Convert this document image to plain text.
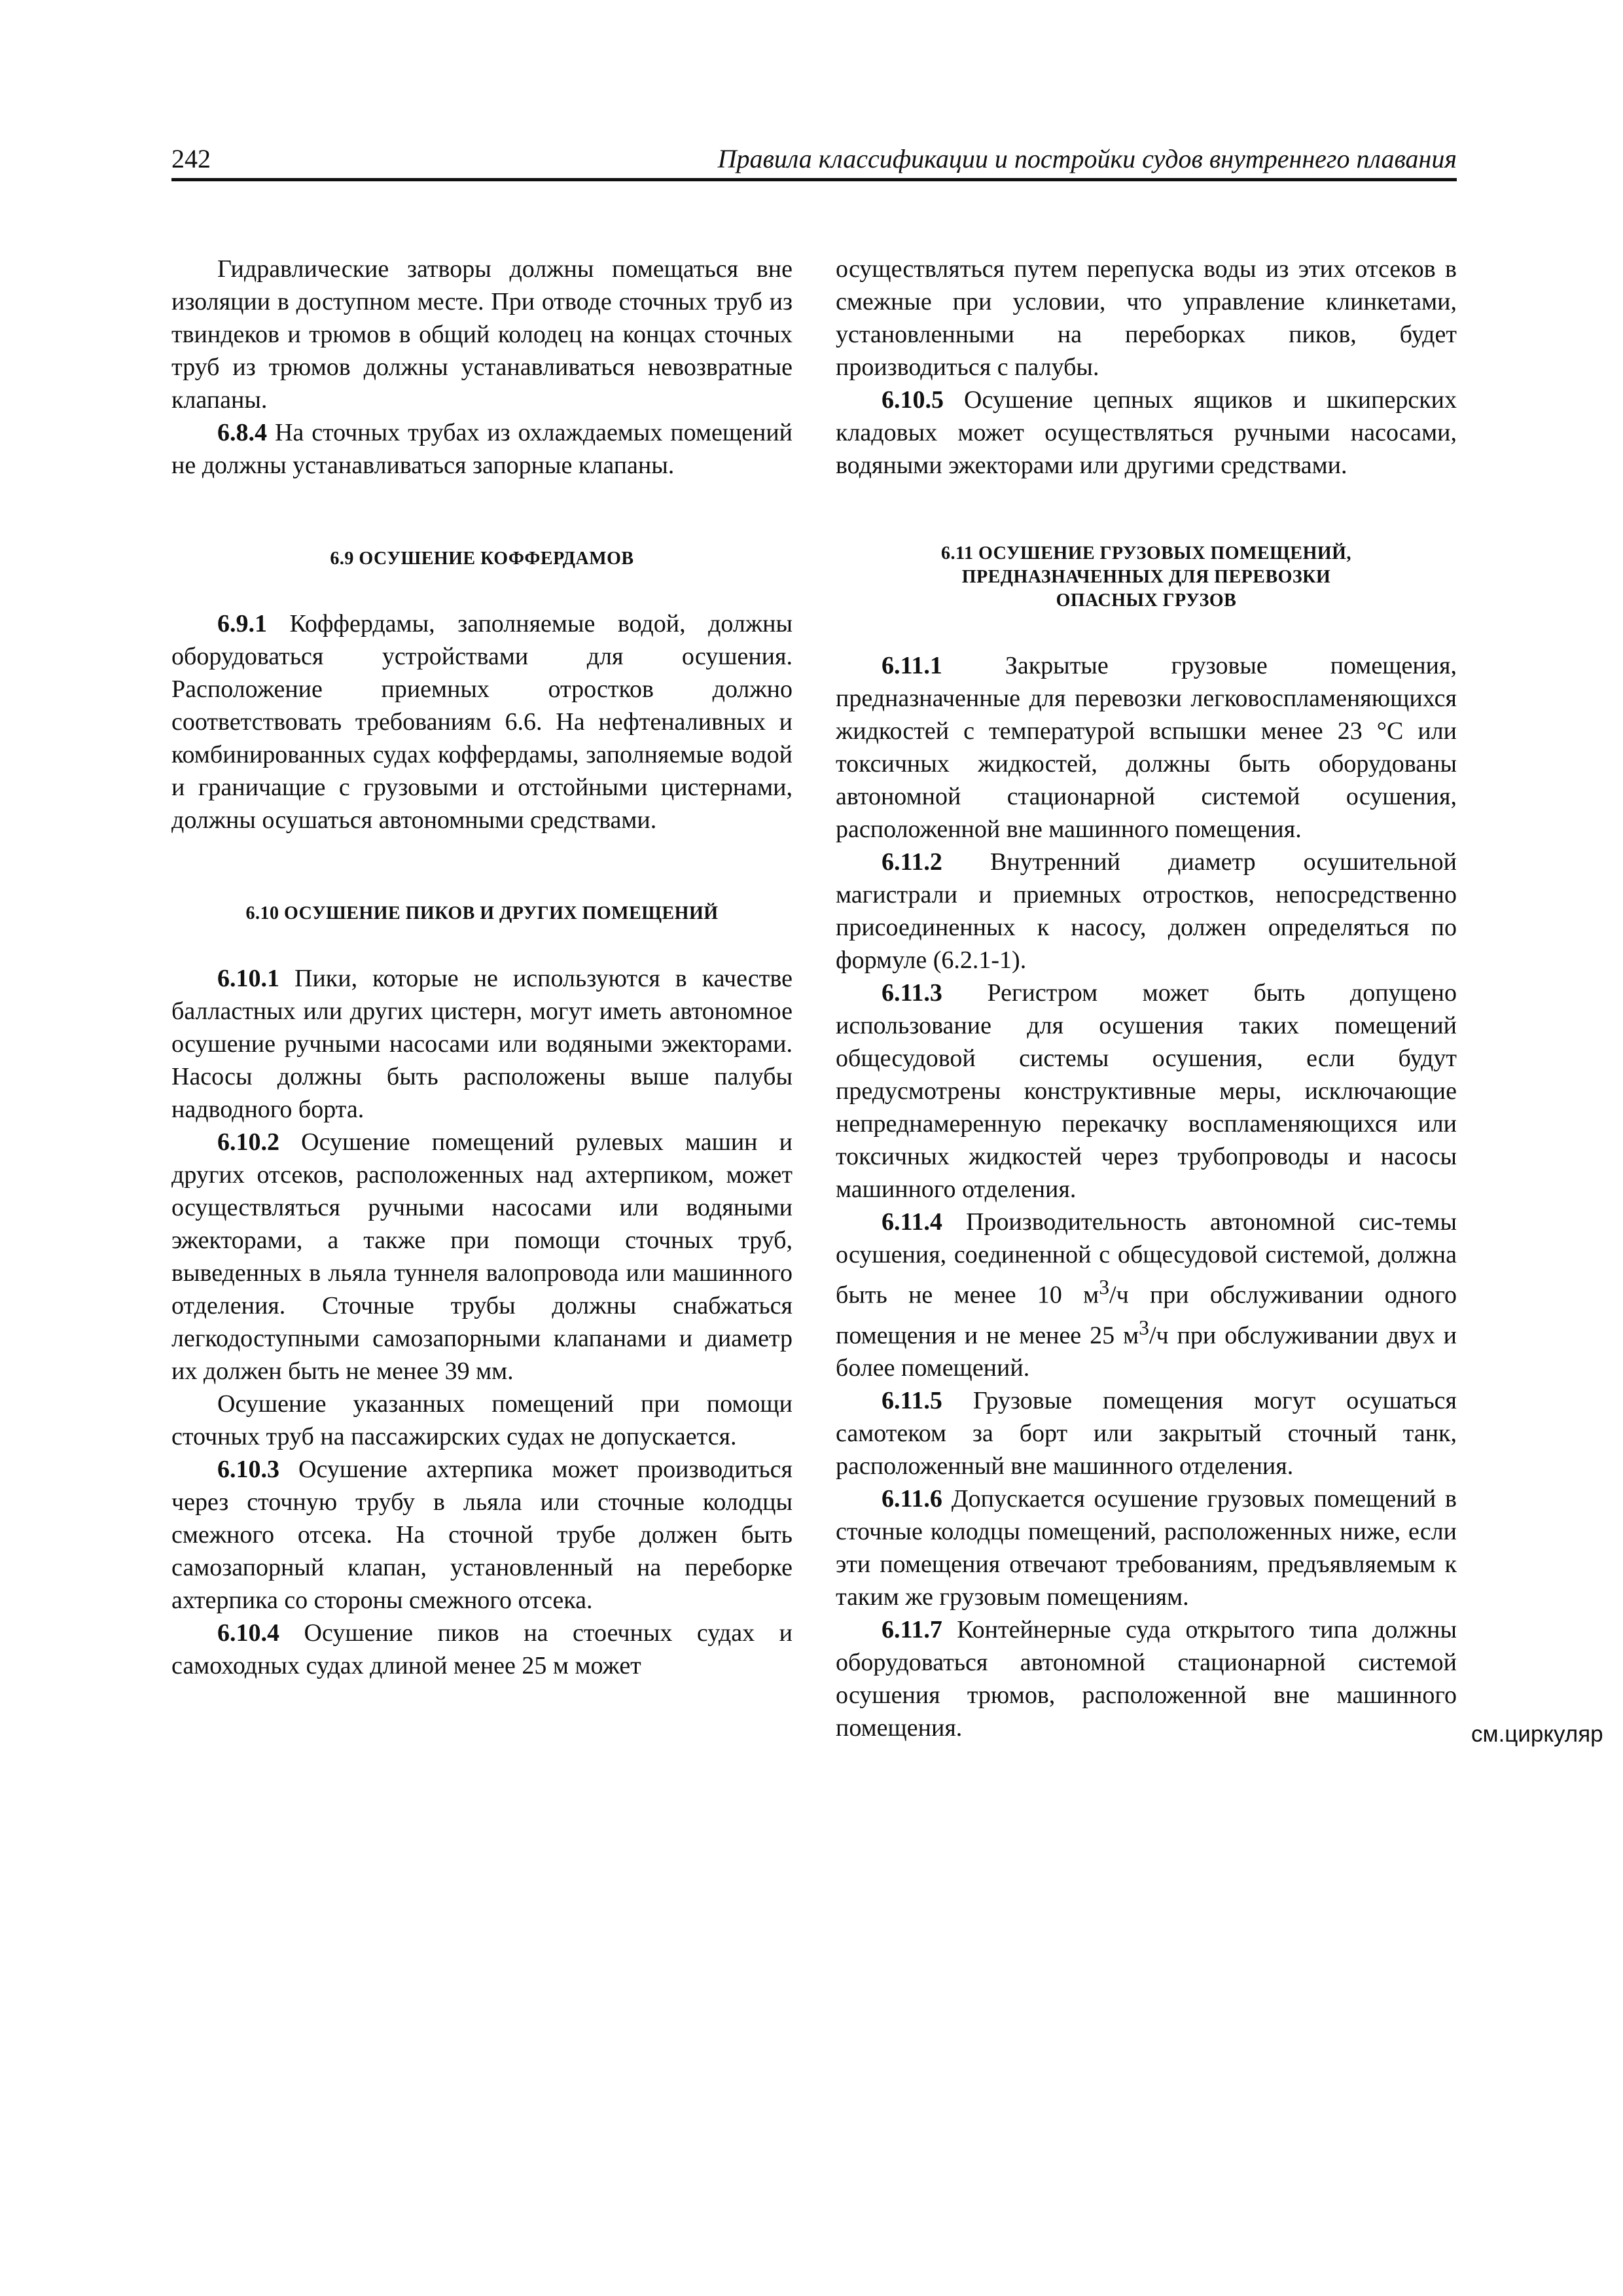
242	Правила классификации и постройки судов внутреннего плавания

Гидравлические затворы должны помещаться вне изоляции в доступном месте. При отводе сточных труб из твиндеков и трюмов в общий колодец на концах сточных труб из трюмов должны устанавливаться невозвратные клапаны.

6.8.4 На сточных трубах из охлаждаемых помещений не должны устанавливаться запорные клапаны.

6.9 ОСУШЕНИЕ КОФФЕРДАМОВ

6.9.1 Коффердамы, заполняемые водой, должны оборудоваться устройствами для осушения. Расположение приемных отростков должно соответствовать требованиям 6.6. На нефтеналивных и комбинированных судах коффердамы, заполняемые водой и граничащие с грузовыми и отстойными цистернами, должны осушаться автономными средствами.

6.10 ОСУШЕНИЕ ПИКОВ И ДРУГИХ ПОМЕЩЕНИЙ

6.10.1 Пики, которые не используются в качестве балластных или других цистерн, могут иметь автономное осушение ручными насосами или водяными эжекторами. Насосы должны быть расположены выше палубы надводного борта.

6.10.2 Осушение помещений рулевых машин и других отсеков, расположенных над ахтерпиком, может осуществляться ручными насосами или водяными эжекторами, а также при помощи сточных труб, выведенных в льяла туннеля валопровода или машинного отделения. Сточные трубы должны снабжаться легкодоступными самозапорными клапанами и диаметр их должен быть не менее 39 мм.

Осушение указанных помещений при помощи сточных труб на пассажирских судах не допускается.

6.10.3 Осушение ахтерпика может производиться через сточную трубу в льяла или сточные колодцы смежного отсека. На сточной трубе должен быть самозапорный клапан, установленный на переборке ахтерпика со стороны смежного отсека.

6.10.4 Осушение пиков на стоечных судах и самоходных судах длиной менее 25 м может

осуществляться путем перепуска воды из этих отсеков в смежные при условии, что управление клинкетами, установленными на переборках пиков, будет производиться с палубы.

6.10.5 Осушение цепных ящиков и шкиперских кладовых может осуществляться ручными насосами, водяными эжекторами или другими средствами.

6.11 ОСУШЕНИЕ ГРУЗОВЫХ ПОМЕЩЕНИЙ,
ПРЕДНАЗНАЧЕННЫХ ДЛЯ ПЕРЕВОЗКИ
ОПАСНЫХ ГРУЗОВ

6.11.1 Закрытые грузовые помещения, предназначенные для перевозки легковоспламеняющихся жидкостей с температурой вспышки менее 23 °С или токсичных жидкостей, должны быть оборудованы автономной стационарной системой осушения, расположенной вне машинного помещения.

6.11.2 Внутренний диаметр осушительной магистрали и приемных отростков, непосредственно присоединенных к насосу, должен определяться по формуле (6.2.1-1).

6.11.3 Регистром может быть допущено использование для осушения таких помещений общесудовой системы осушения, если будут предусмотрены конструктивные меры, исключающие непреднамеренную перекачку воспламеняющихся или токсичных жидкостей через трубопроводы и насосы машинного отделения.

6.11.4 Производительность автономной сис-темы осушения, соединенной с общесудовой системой, должна быть не менее 10 $м^3/ч$ при обслуживании одного помещения и не менее 25 $м^3/ч$ при обслуживании двух и более помещений.

6.11.5 Грузовые помещения могут осушаться самотеком за борт или закрытый сточный танк, расположенный вне машинного отделения.

6.11.6 Допускается осушение грузовых помещений в сточные колодцы помещений, расположенных ниже, если эти помещения отвечают требованиям, предъявляемым к таким же грузовым помещениям.

6.11.7 Контейнерные суда открытого типа должны оборудоваться автономной стационарной системой осушения трюмов, расположенной вне машинного помещения.	см.циркуляр
